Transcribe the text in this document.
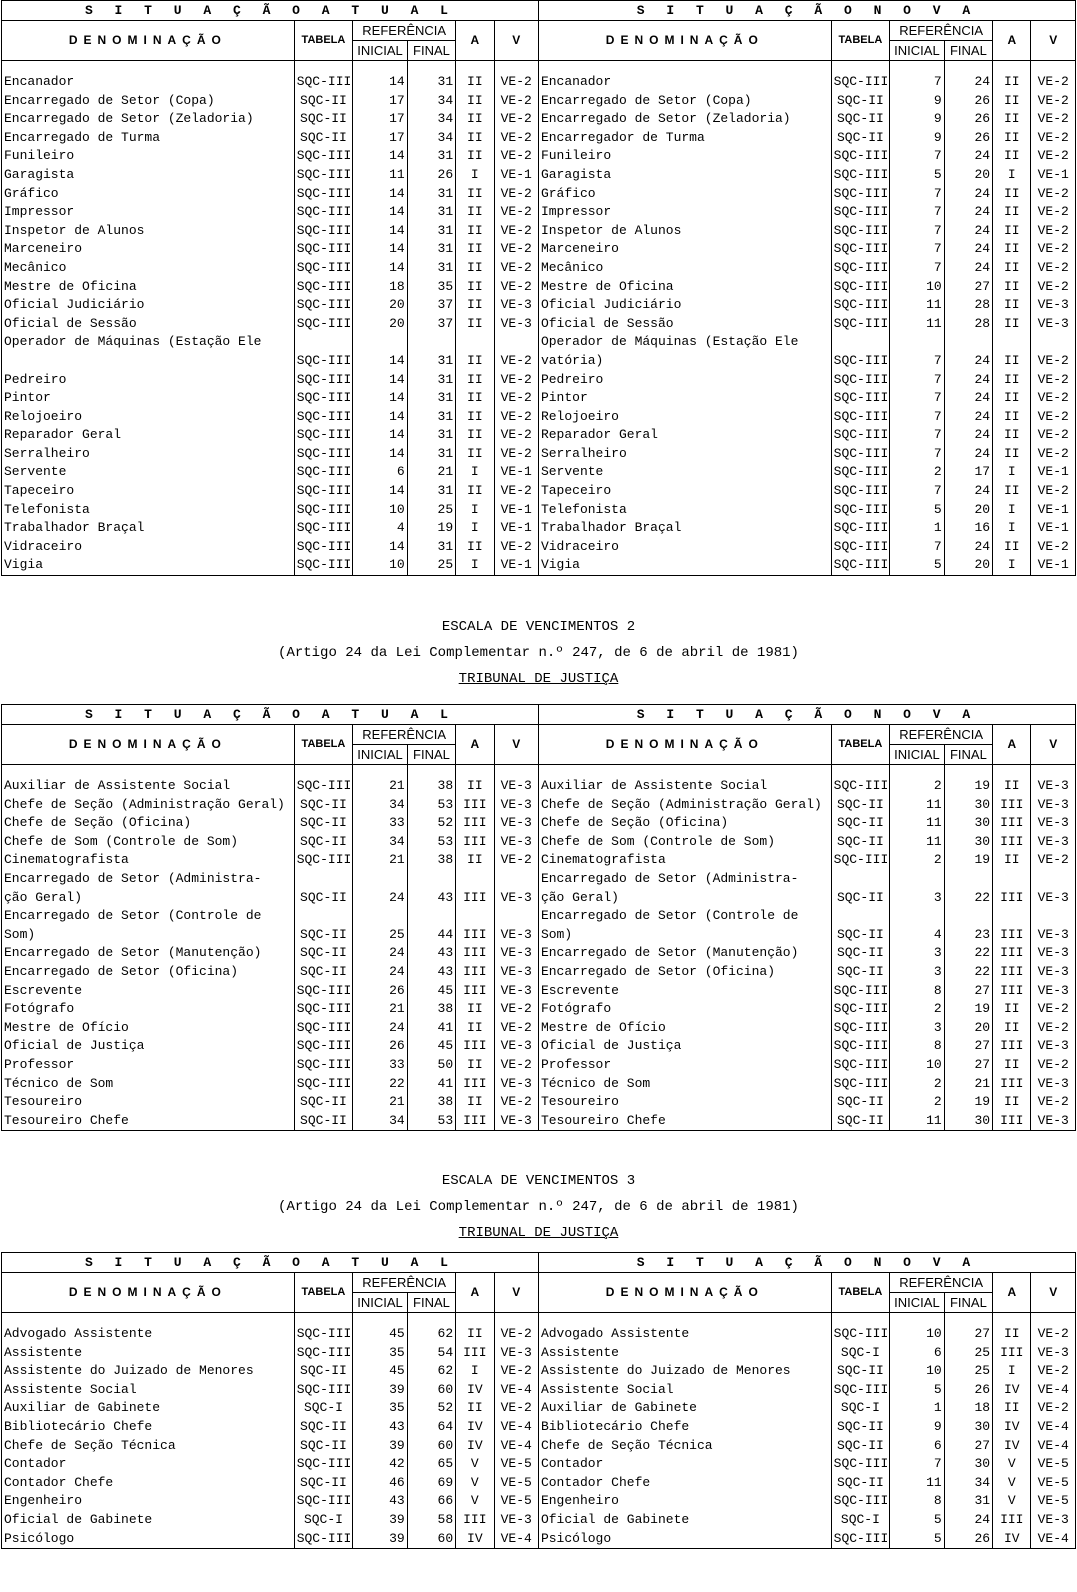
S I T U A Ç Ã O A T U A L						S I T U A Ç Ã O N O V A					
DENOMINAÇÃO	TABELA	REFERÊNCIA		A	V	DENOMINAÇÃO	TABELA	REFERÊNCIA		A	V
		INICIAL	FINAL					INICIAL	FINAL		

Encanador	SQC-III	14	31	II	VE-2	Encanador	SQC-III	7	24	II	VE-2
Encarregado de Setor (Copa)	SQC-II	17	34	II	VE-2	Encarregado de Setor (Copa)	SQC-II	9	26	II	VE-2
Encarregado de Setor (Zeladoria)	SQC-II	17	34	II	VE-2	Encarregado de Setor (Zeladoria)	SQC-II	9	26	II	VE-2
Encarregado de Turma	SQC-II	17	34	II	VE-2	Encarregador de Turma	SQC-II	9	26	II	VE-2
Funileiro	SQC-III	14	31	II	VE-2	Funileiro	SQC-III	7	24	II	VE-2
Garagista	SQC-III	11	26	I	VE-1	Garagista	SQC-III	5	20	I	VE-1
Gráfico	SQC-III	14	31	II	VE-2	Gráfico	SQC-III	7	24	II	VE-2
Impressor	SQC-III	14	31	II	VE-2	Impressor	SQC-III	7	24	II	VE-2
Inspetor de Alunos	SQC-III	14	31	II	VE-2	Inspetor de Alunos	SQC-III	7	24	II	VE-2
Marceneiro	SQC-III	14	31	II	VE-2	Marceneiro	SQC-III	7	24	II	VE-2
Mecânico	SQC-III	14	31	II	VE-2	Mecânico	SQC-III	7	24	II	VE-2
Mestre de Oficina	SQC-III	18	35	II	VE-2	Mestre de Oficina	SQC-III	10	27	II	VE-2
Oficial Judiciário	SQC-III	20	37	II	VE-3	Oficial Judiciário	SQC-III	11	28	II	VE-3
Oficial de Sessão	SQC-III	20	37	II	VE-3	Oficial de Sessão	SQC-III	11	28	II	VE-3
Operador de Máquinas (Estação Ele						Operador de Máquinas (Estação Ele					
	SQC-III	14	31	II	VE-2	vatória)	SQC-III	7	24	II	VE-2
Pedreiro	SQC-III	14	31	II	VE-2	Pedreiro	SQC-III	7	24	II	VE-2
Pintor	SQC-III	14	31	II	VE-2	Pintor	SQC-III	7	24	II	VE-2
Relojoeiro	SQC-III	14	31	II	VE-2	Relojoeiro	SQC-III	7	24	II	VE-2
Reparador Geral	SQC-III	14	31	II	VE-2	Reparador Geral	SQC-III	7	24	II	VE-2
Serralheiro	SQC-III	14	31	II	VE-2	Serralheiro	SQC-III	7	24	II	VE-2
Servente	SQC-III	6	21	I	VE-1	Servente	SQC-III	2	17	I	VE-1
Tapeceiro	SQC-III	14	31	II	VE-2	Tapeceiro	SQC-III	7	24	II	VE-2
Telefonista	SQC-III	10	25	I	VE-1	Telefonista	SQC-III	5	20	I	VE-1
Trabalhador Braçal	SQC-III	4	19	I	VE-1	Trabalhador Braçal	SQC-III	1	16	I	VE-1
Vidraceiro	SQC-III	14	31	II	VE-2	Vidraceiro	SQC-III	7	24	II	VE-2
Vigia	SQC-III	10	25	I	VE-1	Vigia	SQC-III	5	20	I	VE-1
ESCALA DE VENCIMENTOS 2
(Artigo 24 da Lei Complementar n.º 247, de 6 de abril de 1981)
TRIBUNAL DE JUSTIÇA
S I T U A Ç Ã O A T U A L						S I T U A Ç Ã O N O V A					
DENOMINAÇÃO	TABELA	REFERÊNCIA		A	V	DENOMINAÇÃO	TABELA	REFERÊNCIA		A	V
		INICIAL	FINAL					INICIAL	FINAL		

Auxiliar de Assistente Social	SQC-III	21	38	II	VE-3	Auxiliar de Assistente Social	SQC-III	2	19	II	VE-3
Chefe de Seção (Administração Geral)	SQC-II	34	53	III	VE-3	Chefe de Seção (Administração Geral)	SQC-II	11	30	III	VE-3
Chefe de Seção (Oficina)	SQC-II	33	52	III	VE-3	Chefe de Seção (Oficina)	SQC-II	11	30	III	VE-3
Chefe de Som (Controle de Som)	SQC-II	34	53	III	VE-3	Chefe de Som (Controle de Som)	SQC-II	11	30	III	VE-3
Cinematografista	SQC-III	21	38	II	VE-2	Cinematografista	SQC-III	2	19	II	VE-2
Encarregado de Setor (Administra-						Encarregado de Setor (Administra-					
ção Geral)	SQC-II	24	43	III	VE-3	ção Geral)	SQC-II	3	22	III	VE-3
Encarregado de Setor (Controle de						Encarregado de Setor (Controle de					
Som)	SQC-II	25	44	III	VE-3	Som)	SQC-II	4	23	III	VE-3
Encarregado de Setor (Manutenção)	SQC-II	24	43	III	VE-3	Encarregado de Setor (Manutenção)	SQC-II	3	22	III	VE-3
Encarregado de Setor (Oficina)	SQC-II	24	43	III	VE-3	Encarregado de Setor (Oficina)	SQC-II	3	22	III	VE-3
Escrevente	SQC-III	26	45	III	VE-3	Escrevente	SQC-III	8	27	III	VE-3
Fotógrafo	SQC-III	21	38	II	VE-2	Fotógrafo	SQC-III	2	19	II	VE-2
Mestre de Ofício	SQC-III	24	41	II	VE-2	Mestre de Ofício	SQC-III	3	20	II	VE-2
Oficial de Justiça	SQC-III	26	45	III	VE-3	Oficial de Justiça	SQC-III	8	27	III	VE-3
Professor	SQC-III	33	50	II	VE-2	Professor	SQC-III	10	27	II	VE-2
Técnico de Som	SQC-III	22	41	III	VE-3	Técnico de Som	SQC-III	2	21	III	VE-3
Tesoureiro	SQC-II	21	38	II	VE-2	Tesoureiro	SQC-II	2	19	II	VE-2
Tesoureiro Chefe	SQC-II	34	53	III	VE-3	Tesoureiro Chefe	SQC-II	11	30	III	VE-3
ESCALA DE VENCIMENTOS 3
(Artigo 24 da Lei Complementar n.º 247, de 6 de abril de 1981)
TRIBUNAL DE JUSTIÇA
S I T U A Ç Ã O A T U A L						S I T U A Ç Ã O N O V A					
DENOMINAÇÃO	TABELA	REFERÊNCIA		A	V	DENOMINAÇÃO	TABELA	REFERÊNCIA		A	V
		INICIAL	FINAL					INICIAL	FINAL		

Advogado Assistente	SQC-III	45	62	II	VE-2	Advogado Assistente	SQC-III	10	27	II	VE-2
Assistente	SQC-III	35	54	III	VE-3	Assistente	SQC-I	6	25	III	VE-3
Assistente do Juizado de Menores	SQC-II	45	62	I	VE-2	Assistente do Juizado de Menores	SQC-II	10	25	I	VE-2
Assistente Social	SQC-III	39	60	IV	VE-4	Assistente Social	SQC-III	5	26	IV	VE-4
Auxiliar de Gabinete	SQC-I	35	52	II	VE-2	Auxiliar de Gabinete	SQC-I	1	18	II	VE-2
Bibliotecário Chefe	SQC-II	43	64	IV	VE-4	Bibliotecário Chefe	SQC-II	9	30	IV	VE-4
Chefe de Seção Técnica	SQC-II	39	60	IV	VE-4	Chefe de Seção Técnica	SQC-II	6	27	IV	VE-4
Contador	SQC-III	42	65	V	VE-5	Contador	SQC-III	7	30	V	VE-5
Contador Chefe	SQC-II	46	69	V	VE-5	Contador Chefe	SQC-II	11	34	V	VE-5
Engenheiro	SQC-III	43	66	V	VE-5	Engenheiro	SQC-III	8	31	V	VE-5
Oficial de Gabinete	SQC-I	39	58	III	VE-3	Oficial de Gabinete	SQC-I	5	24	III	VE-3
Psicólogo	SQC-III	39	60	IV	VE-4	Psicólogo	SQC-III	5	26	IV	VE-4
